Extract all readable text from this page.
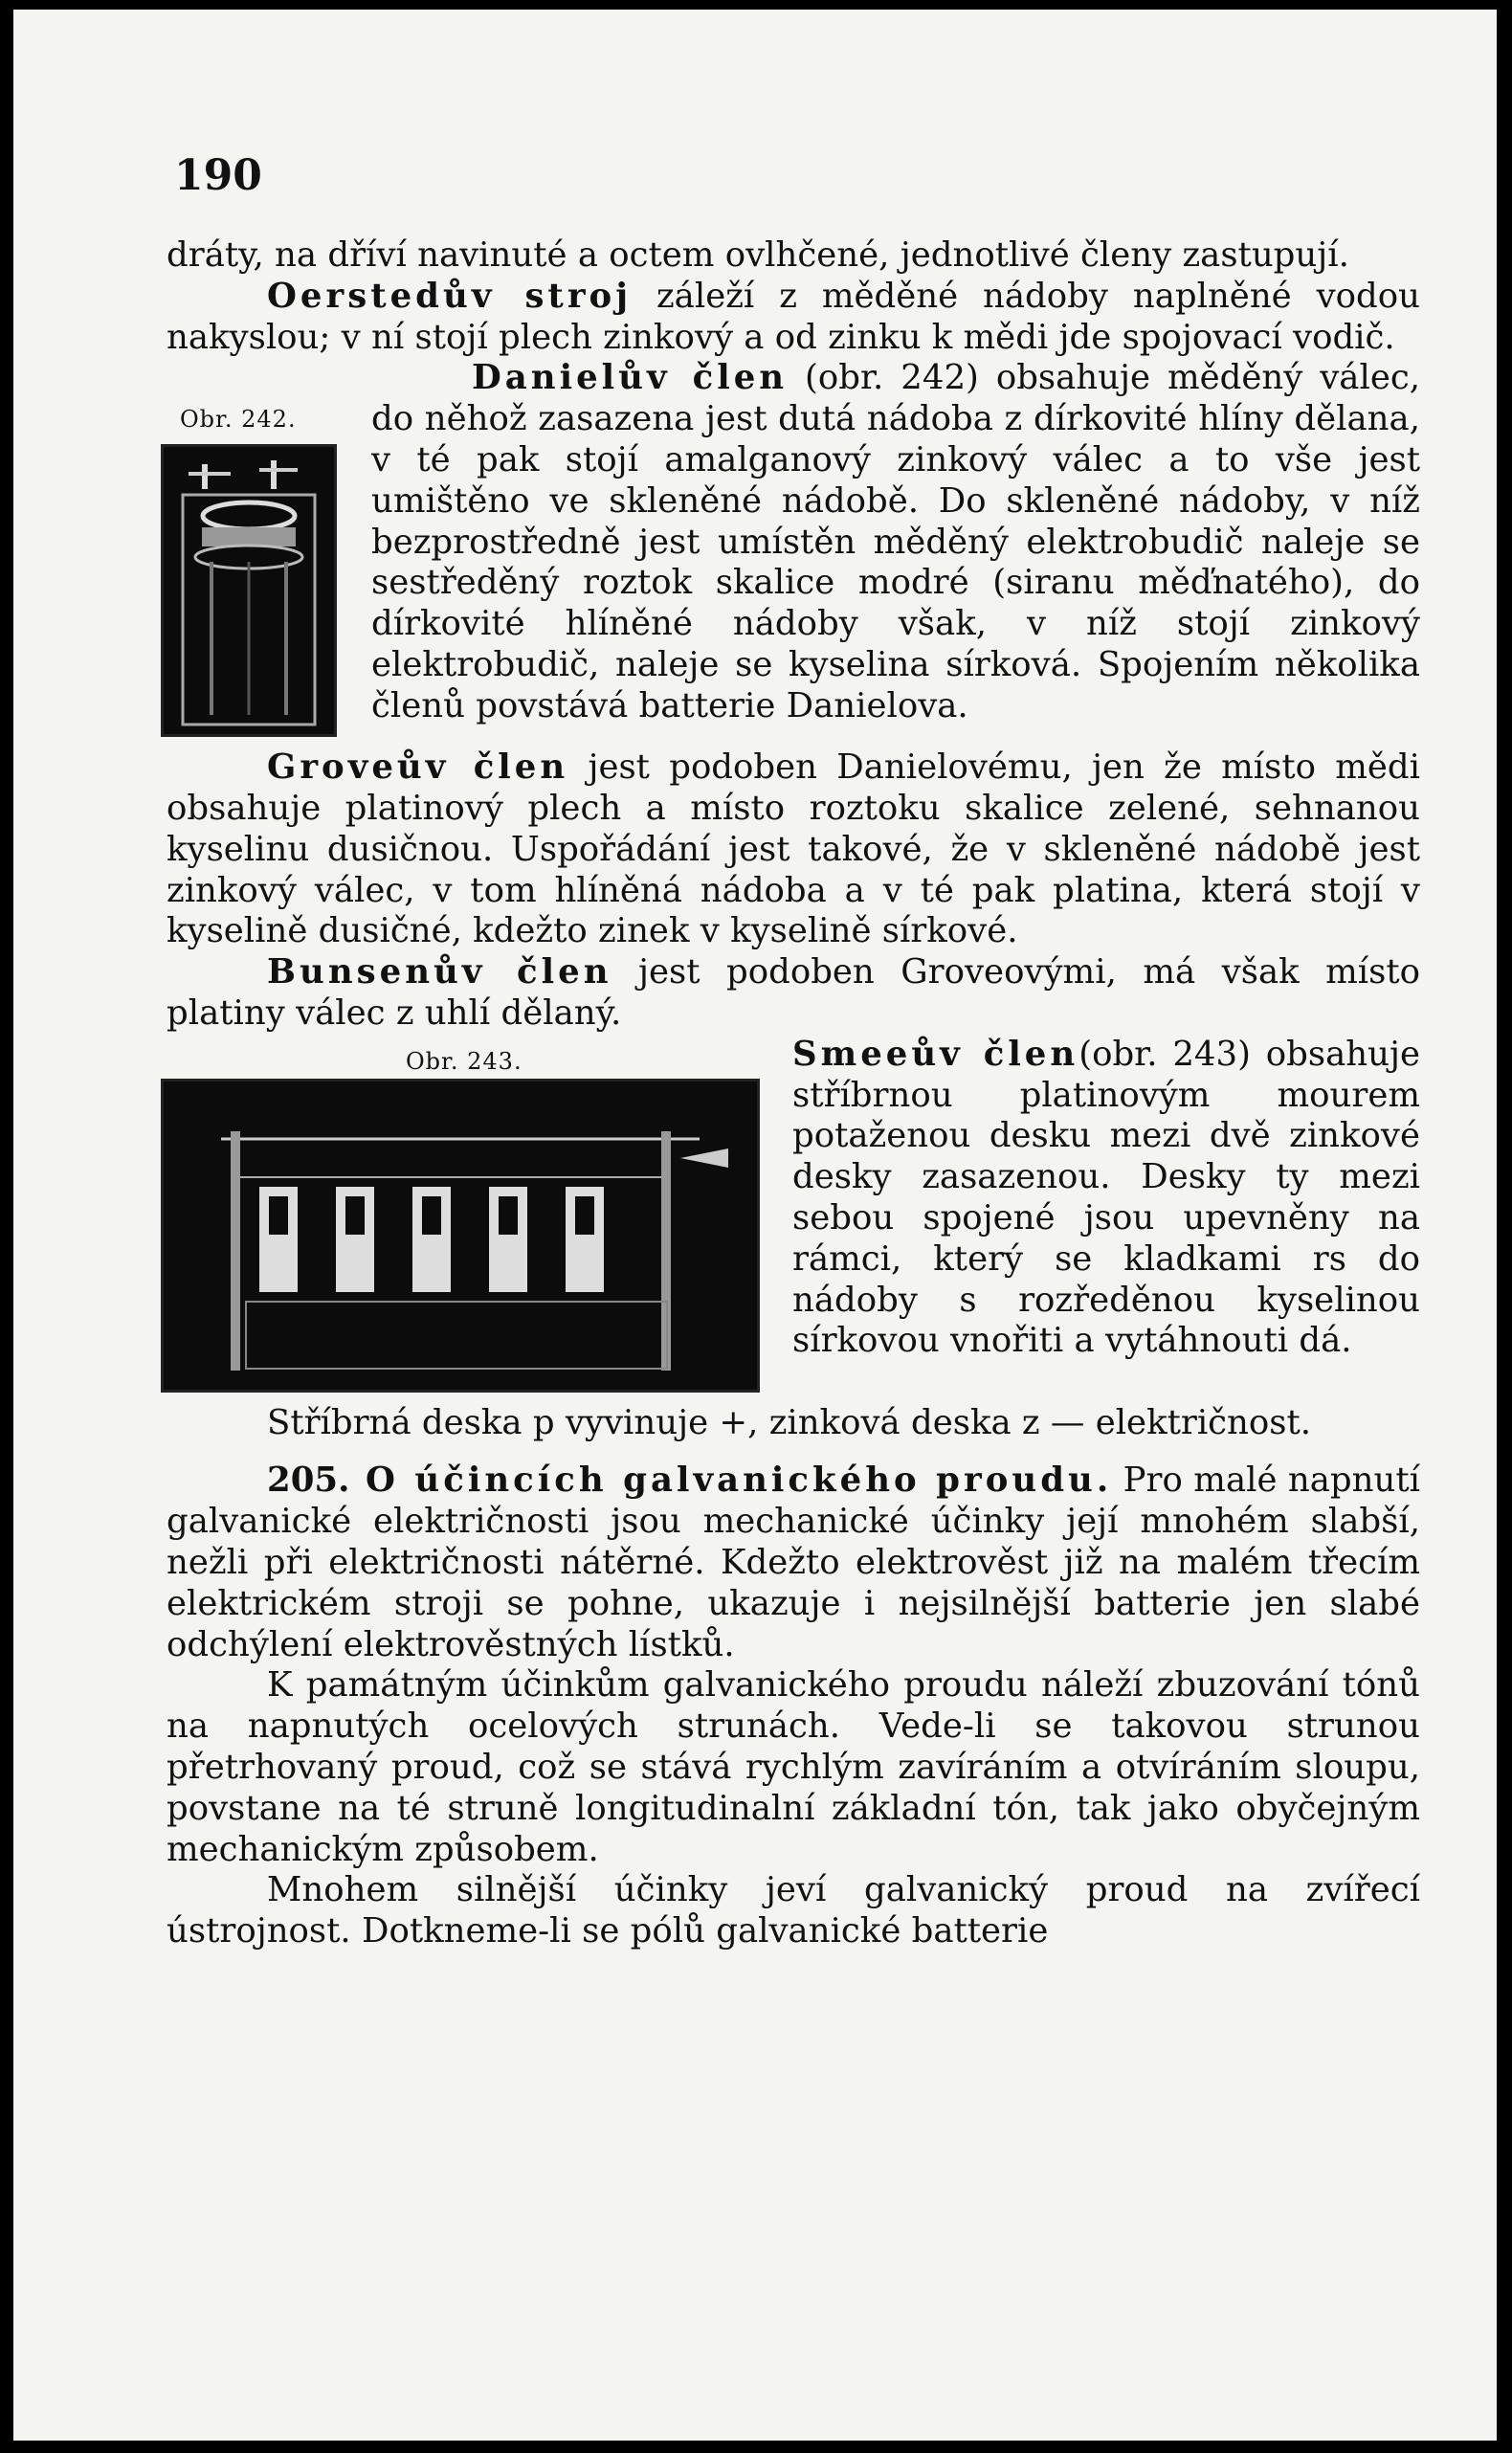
190

dráty, na dříví navinuté a octem ovlhčené, jednotlivé členy zastupují.

Oerstedův stroj záleží z měděné nádoby naplněné vodou nakyslou; v ní stojí plech zinkový a od zinku k mědi jde spojovací vodič.

Obr. 242.

Danielův člen (obr. 242) obsahuje měděný válec, do něhož zasazena jest dutá nádoba z dírkovité hlíny dělana, v té pak stojí amalganový zinkový válec a to vše jest umištěno ve skleněné nádobě. Do skleněné nádoby, v níž bezprostředně jest umístěn měděný elektrobudič naleje se sestředěný roztok skalice modré (siranu měďnatého), do dírkovité hlíněné nádoby však, v níž stojí zinkový elektrobudič, naleje se kyselina sírková. Spojením několika členů povstává batterie Danielova.

Groveův člen jest podoben Danielovému, jen že místo mědi obsahuje platinový plech a místo roztoku skalice zelené, sehnanou kyselinu dusičnou. Uspořádání jest takové, že v skleněné nádobě jest zinkový válec, v tom hlíněná nádoba a v té pak platina, která stojí v kyselině dusičné, kdežto zinek v kyselině sírkové.

Bunsenův člen jest podoben Groveovými, má však místo platiny válec z uhlí dělaný.

Obr. 243.	Smeeův člen(obr. 243) obsahuje stříbrnou platinovým mourem potaženou desku mezi dvě zinkové desky zasazenou. Desky ty mezi sebou spojené jsou upevněny na rámci, který se kladkami rs do nádoby s rozředěnou kyselinou sírkovou vnořiti a vytáhnouti dá.

Stříbrná deska p vyvinuje +, zinková deska z — električnost.

205. O účincích galvanického proudu. Pro malé napnutí galvanické električnosti jsou mechanické účinky její mnohém slabší, nežli při električnosti nátěrné. Kdežto elektrověst již na malém třecím elektrickém stroji se pohne, ukazuje i nejsilnější batterie jen slabé odchýlení elektrověstných lístků.

K památným účinkům galvanického proudu náleží zbuzování tónů na napnutých ocelových strunách. Vede-li se takovou strunou přetrhovaný proud, což se stává rychlým zavíráním a otvíráním sloupu, povstane na té struně longitudinalní základní tón, tak jako obyčejným mechanickým způsobem.

Mnohem silnější účinky jeví galvanický proud na zvířecí ústrojnost. Dotkneme-li se pólů galvanické batterie
